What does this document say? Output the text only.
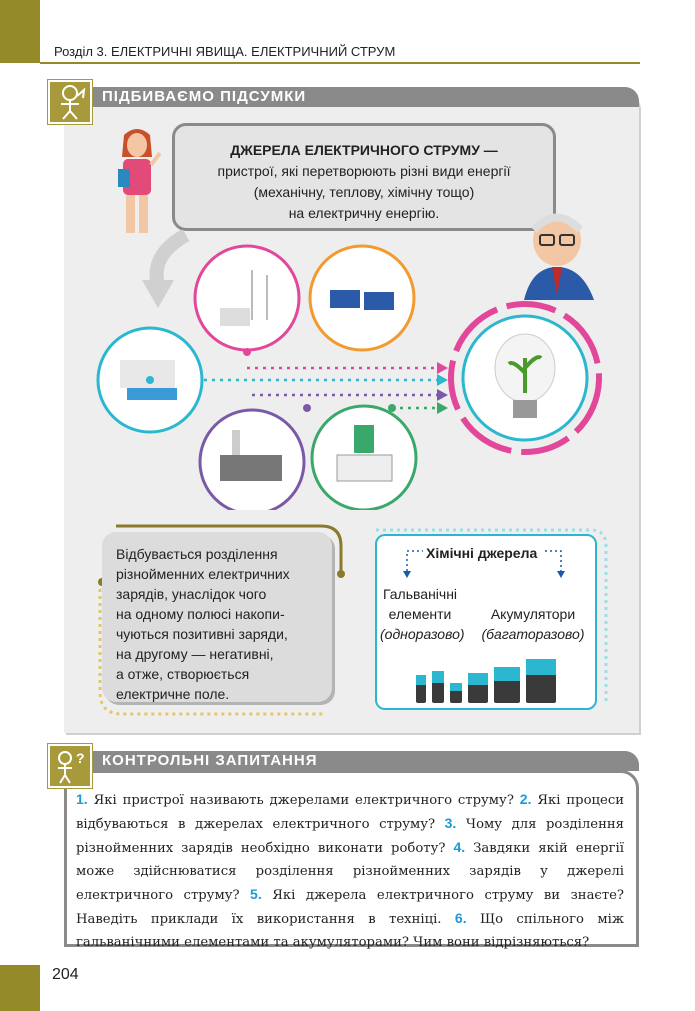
Розділ 3. ЕЛЕКТРИЧНІ ЯВИЩА. ЕЛЕКТРИЧНИЙ СТРУМ
ПІДБИВАЄМО ПІДСУМКИ
ДЖЕРЕЛА ЕЛЕКТРИЧНОГО СТРУМУ —
пристрої, які перетворюють різні види енергії
(механічну, теплову, хімічну тощо)
на електричну енергію.
Відбувається розділення
різнойменних електричних
зарядів, унаслідок чого
на одному полюсі накопи-
чуються позитивні заряди,
на другому — негативні,
а отже, створюється
електричне поле.
Хімічні джерела
Гальванічні
елементи
(одноразово)
Акумулятори
(багаторазово)
КОНТРОЛЬНІ ЗАПИТАННЯ
?
1. Які пристрої називають джерелами електричного струму? 2. Які процеси відбуваються в джерелах електричного струму? 3. Чому для розділення різнойменних зарядів необхідно виконати роботу? 4. Завдяки якій енергії може здійснюватися розділення різнойменних зарядів у джерелі електричного струму? 5. Які джерела електричного струму ви знаєте? Наведіть приклади їх використання в техніці. 6. Що спільного між гальванічними елементами та акумуляторами? Чим вони відрізняються?
204
